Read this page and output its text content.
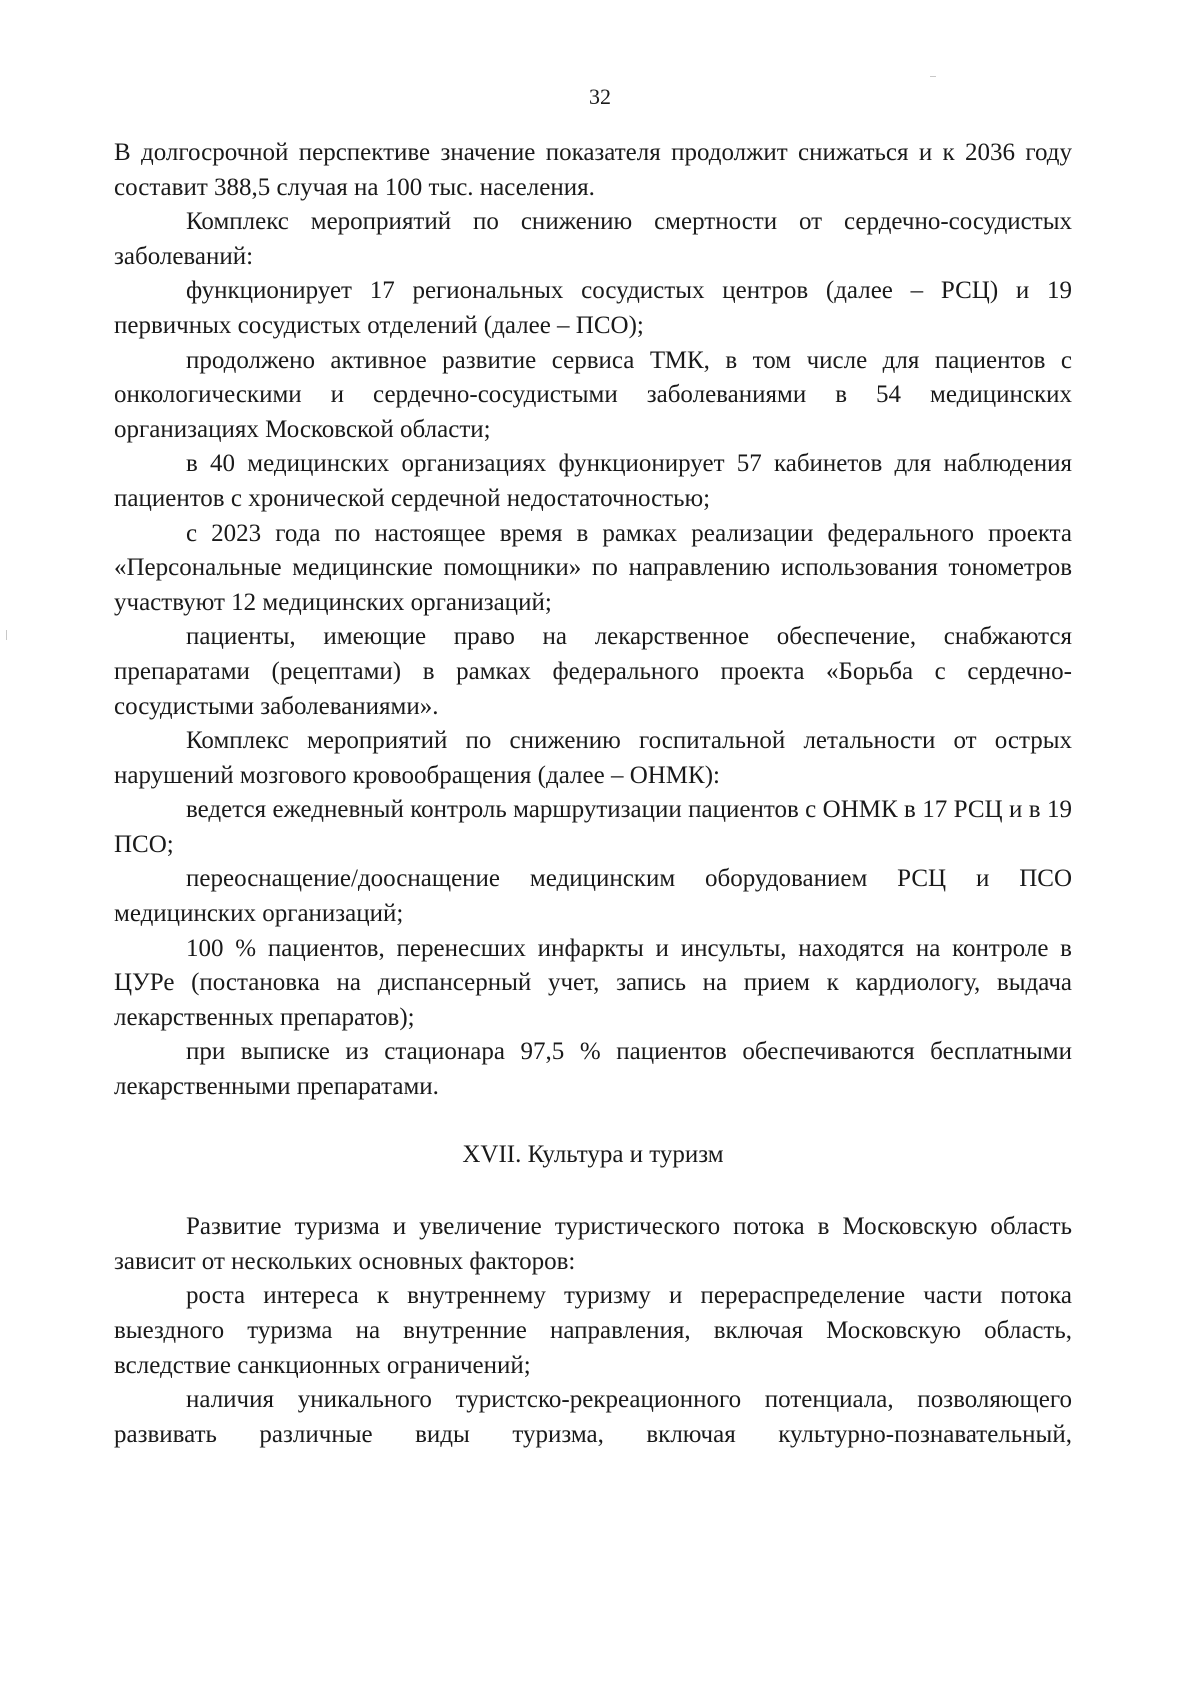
32

В долгосрочной перспективе значение показателя продолжит снижаться и к 2036 году составит 388,5 случая на 100 тыс. населения.

Комплекс мероприятий по снижению смертности от сердечно-сосудистых заболеваний:

функционирует 17 региональных сосудистых центров (далее – РСЦ) и 19 первичных сосудистых отделений (далее – ПСО);

продолжено активное развитие сервиса ТМК, в том числе для пациентов с онкологическими и сердечно-сосудистыми заболеваниями в 54 медицинских организациях Московской области;

в 40 медицинских организациях функционирует 57 кабинетов для наблюдения пациентов с хронической сердечной недостаточностью;

с 2023 года по настоящее время в рамках реализации федерального проекта «Персональные медицинские помощники» по направлению использования тонометров участвуют 12 медицинских организаций;

пациенты, имеющие право на лекарственное обеспечение, снабжаются препаратами (рецептами) в рамках федерального проекта «Борьба с сердечно-сосудистыми заболеваниями».

Комплекс мероприятий по снижению госпитальной летальности от острых нарушений мозгового кровообращения (далее – ОНМК):

ведется ежедневный контроль маршрутизации пациентов с ОНМК в 17 РСЦ и в 19 ПСО;

переоснащение/дооснащение медицинским оборудованием РСЦ и ПСО медицинских организаций;

100 % пациентов, перенесших инфаркты и инсульты, находятся на контроле в ЦУРе (постановка на диспансерный учет, запись на прием к кардиологу, выдача лекарственных препаратов);

при выписке из стационара 97,5 % пациентов обеспечиваются бесплатными лекарственными препаратами.

XVII. Культура и туризм

Развитие туризма и увеличение туристического потока в Московскую область зависит от нескольких основных факторов:

роста интереса к внутреннему туризму и перераспределение части потока выездного туризма на внутренние направления, включая Московскую область, вследствие санкционных ограничений;

наличия уникального туристско-рекреационного потенциала, позволяющего развивать различные виды туризма, включая культурно-познавательный,
